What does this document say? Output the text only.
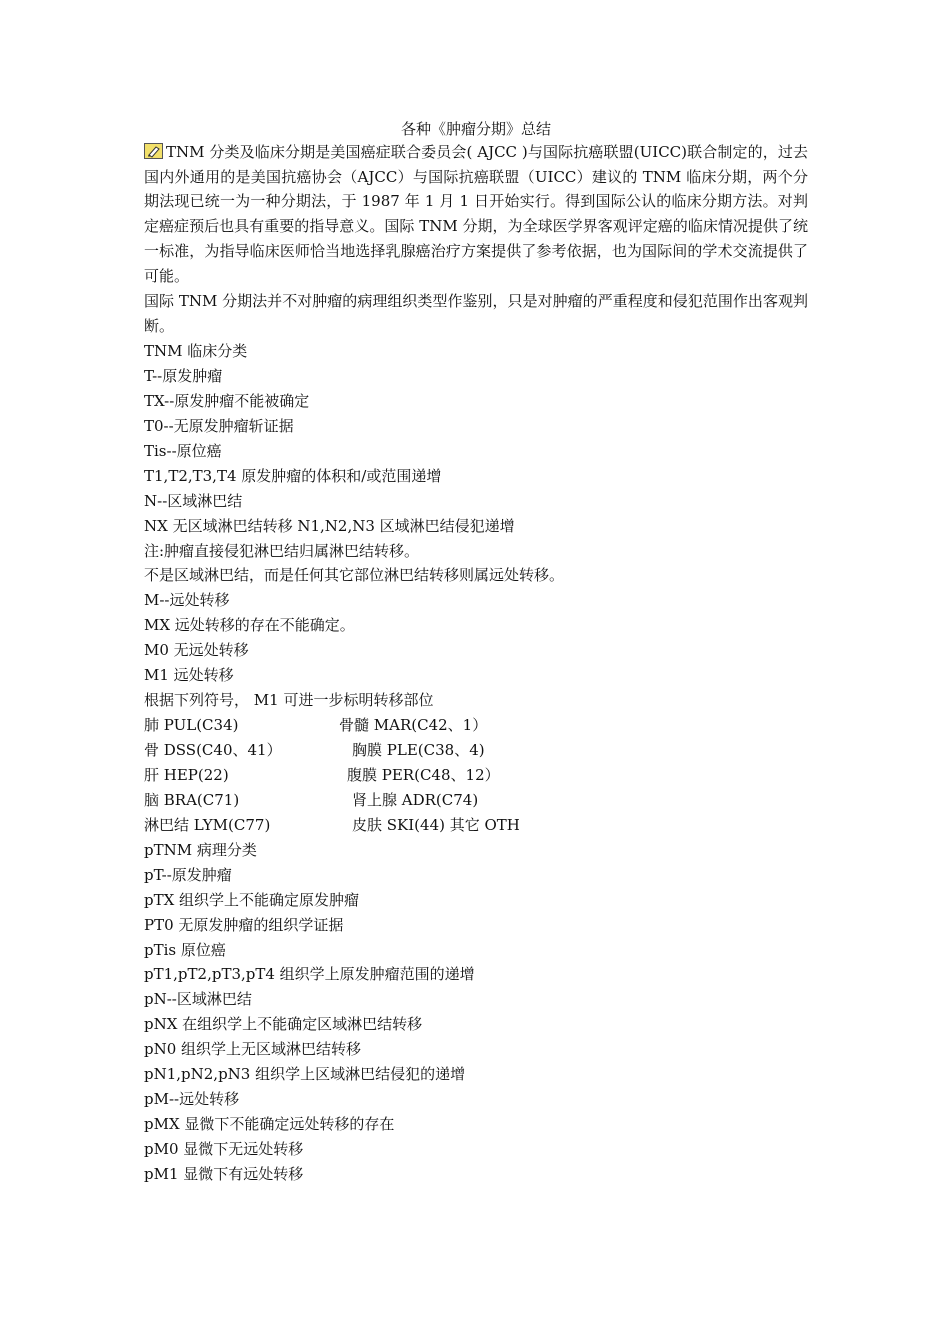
各种《肿瘤分期》总结
TNM 分类及临床分期是美国癌症联合委员会( AJCC )与国际抗癌联盟(UICC)联合制定的，过去国内外通用的是美国抗癌协会（AJCC）与国际抗癌联盟（UICC）建议的 TNM 临床分期，两个分期法现已统一为一种分期法，于 1987 年 1 月 1 日开始实行。得到国际公认的临床分期方法。对判定癌症预后也具有重要的指导意义。国际 TNM 分期，为全球医学界客观评定癌的临床情况提供了统一标准，为指导临床医师恰当地选择乳腺癌治疗方案提供了参考依据，也为国际间的学术交流提供了可能。
国际 TNM 分期法并不对肿瘤的病理组织类型作鉴别，只是对肿瘤的严重程度和侵犯范围作出客观判断。
TNM 临床分类
T--原发肿瘤
TX--原发肿瘤不能被确定
T0--无原发肿瘤斩证据
Tis--原位癌
T1,T2,T3,T4 原发肿瘤的体积和/或范围递增
N--区域淋巴结
NX 无区域淋巴结转移 N1,N2,N3 区域淋巴结侵犯递增
注:肿瘤直接侵犯淋巴结归属淋巴结转移。
不是区域淋巴结，而是任何其它部位淋巴结转移则属远处转移。
M--远处转移
MX 远处转移的存在不能确定。
M0 无远处转移
M1 远处转移
根据下列符号， M1 可进一步标明转移部位
肺 PUL(C34)	骨髓 MAR(C42、1）
骨 DSS(C40、41）	胸膜 PLE(C38、4)
肝 HEP(22)	腹膜 PER(C48、12）
脑 BRA(C71)	肾上腺 ADR(C74)
淋巴结 LYM(C77)	皮肤 SKI(44) 其它 OTH
pTNM 病理分类
pT--原发肿瘤
pTX 组织学上不能确定原发肿瘤
PT0 无原发肿瘤的组织学证据
pTis 原位癌
pT1,pT2,pT3,pT4 组织学上原发肿瘤范围的递增
pN--区域淋巴结
pNX 在组织学上不能确定区域淋巴结转移
pN0 组织学上无区域淋巴结转移
pN1,pN2,pN3 组织学上区域淋巴结侵犯的递增
pM--远处转移
pMX 显微下不能确定远处转移的存在
pM0 显微下无远处转移
pM1 显微下有远处转移
